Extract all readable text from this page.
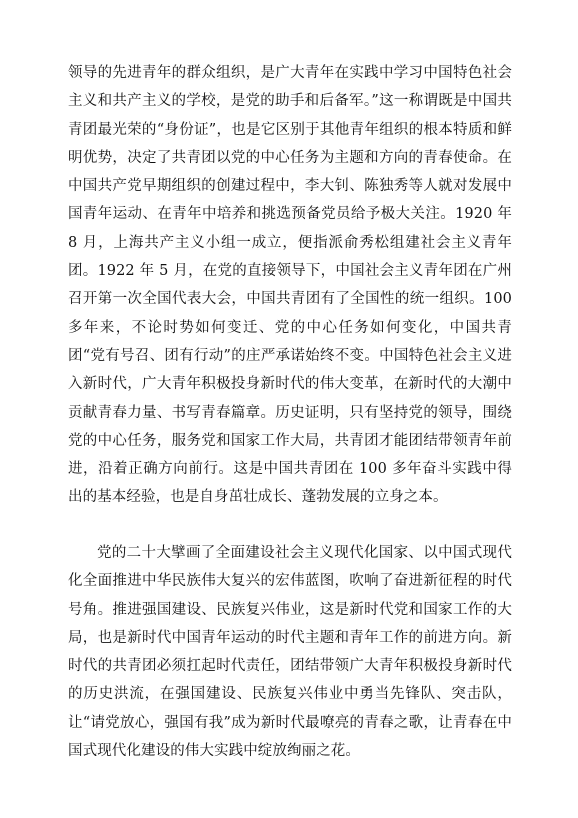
领导的先进青年的群众组织，是广大青年在实践中学习中国特色社会主义和共产主义的学校，是党的助手和后备军。”这一称谓既是中国共青团最光荣的“身份证”，也是它区别于其他青年组织的根本特质和鲜明优势，决定了共青团以党的中心任务为主题和方向的青春使命。在中国共产党早期组织的创建过程中，李大钊、陈独秀等人就对发展中国青年运动、在青年中培养和挑选预备党员给予极大关注。1920 年 8 月，上海共产主义小组一成立，便指派俞秀松组建社会主义青年团。1922 年 5 月，在党的直接领导下，中国社会主义青年团在广州召开第一次全国代表大会，中国共青团有了全国性的统一组织。100 多年来，不论时势如何变迁、党的中心任务如何变化，中国共青团“党有号召、团有行动”的庄严承诺始终不变。中国特色社会主义进入新时代，广大青年积极投身新时代的伟大变革，在新时代的大潮中贡献青春力量、书写青春篇章。历史证明，只有坚持党的领导，围绕党的中心任务，服务党和国家工作大局，共青团才能团结带领青年前进，沿着正确方向前行。这是中国共青团在 100 多年奋斗实践中得出的基本经验，也是自身茁壮成长、蓬勃发展的立身之本。

党的二十大擘画了全面建设社会主义现代化国家、以中国式现代化全面推进中华民族伟大复兴的宏伟蓝图，吹响了奋进新征程的时代号角。推进强国建设、民族复兴伟业，这是新时代党和国家工作的大局，也是新时代中国青年运动的时代主题和青年工作的前进方向。新时代的共青团必须扛起时代责任，团结带领广大青年积极投身新时代的历史洪流，在强国建设、民族复兴伟业中勇当先锋队、突击队，让“请党放心，强国有我”成为新时代最嘹亮的青春之歌，让青春在中国式现代化建设的伟大实践中绽放绚丽之花。
